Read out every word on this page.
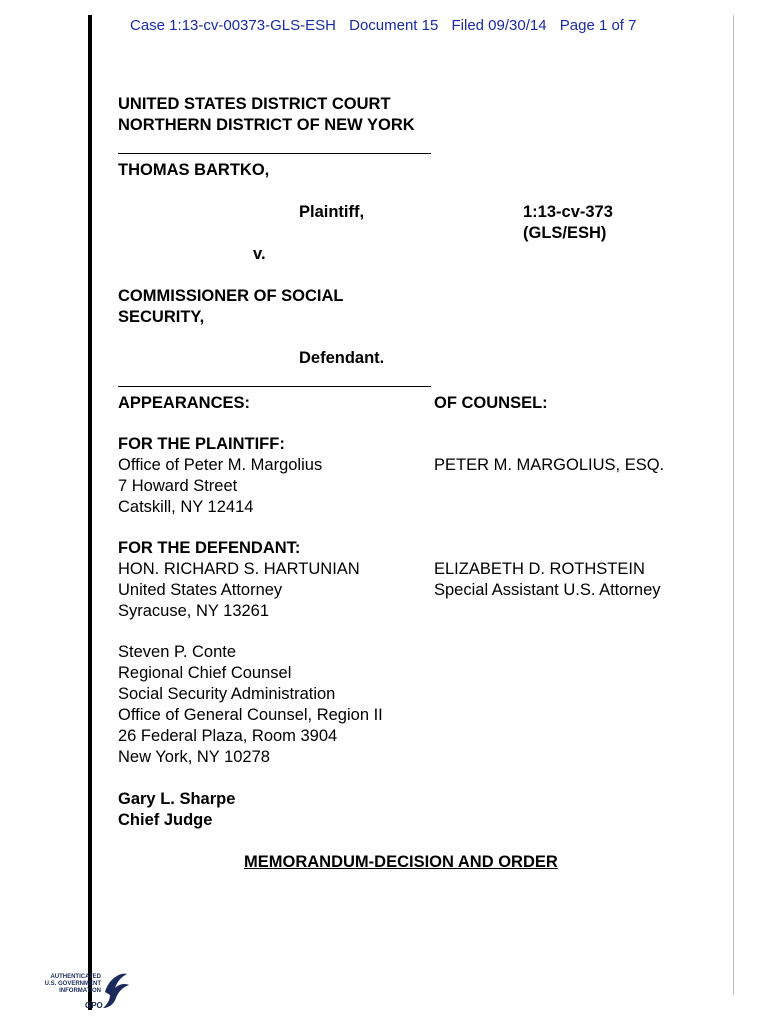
Case 1:13-cv-00373-GLS-ESH Document 15 Filed 09/30/14 Page 1 of 7
UNITED STATES DISTRICT COURT
NORTHERN DISTRICT OF NEW YORK
THOMAS BARTKO,
Plaintiff,	1:13-cv-373
(GLS/ESH)
v.
COMMISSIONER OF SOCIAL
SECURITY,
Defendant.
APPEARANCES:	OF COUNSEL:
FOR THE PLAINTIFF:
Office of Peter M. Margolius
7 Howard Street
Catskill, NY 12414
PETER M. MARGOLIUS, ESQ.
FOR THE DEFENDANT:
HON. RICHARD S. HARTUNIAN
United States Attorney
Syracuse, NY 13261
ELIZABETH D. ROTHSTEIN
Special Assistant U.S. Attorney
Steven P. Conte
Regional Chief Counsel
Social Security Administration
Office of General Counsel, Region II
26 Federal Plaza, Room 3904
New York, NY 10278
Gary L. Sharpe
Chief Judge
MEMORANDUM-DECISION AND ORDER
AUTHENTICATED
U.S. GOVERNMENT
INFORMATION
GPO
